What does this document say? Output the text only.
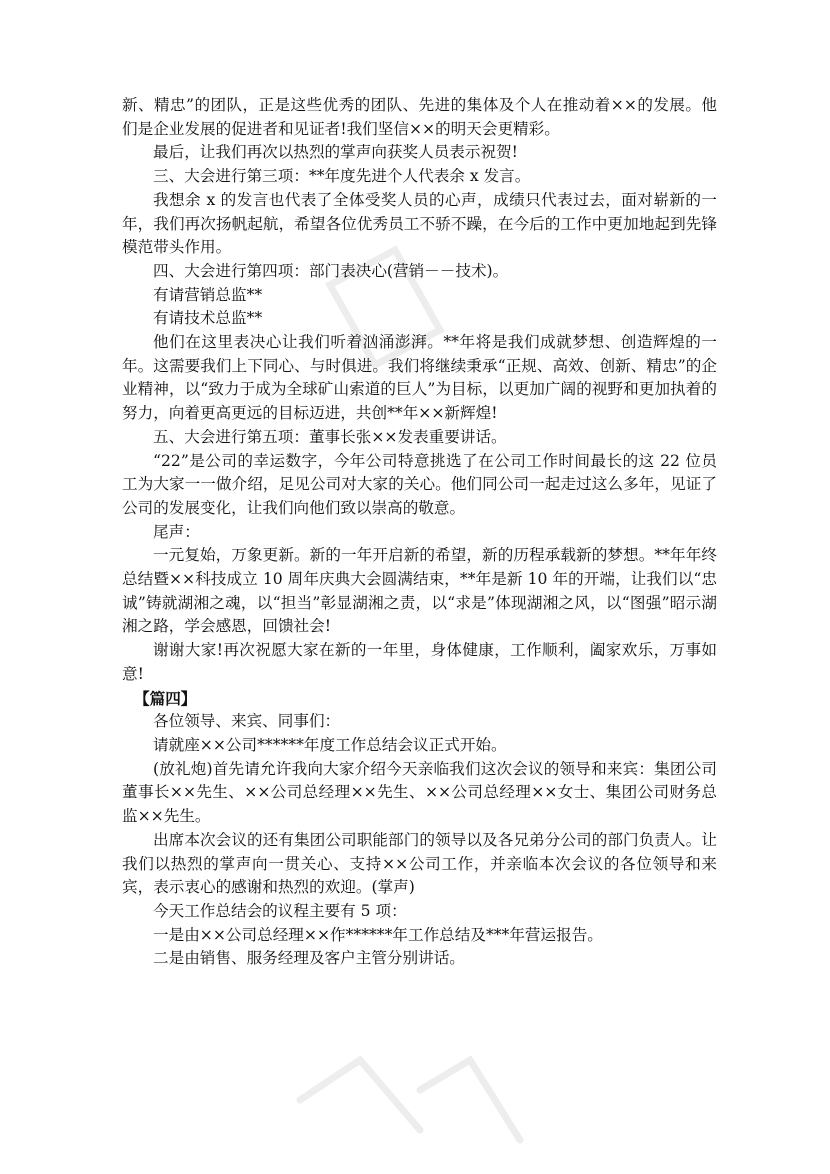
新、精忠”的团队，正是这些优秀的团队、先进的集体及个人在推动着××的发展。他们是企业发展的促进者和见证者!我们坚信××的明天会更精彩。

最后，让我们再次以热烈的掌声向获奖人员表示祝贺!

三、大会进行第三项：**年度先进个人代表余 x 发言。

我想余 x 的发言也代表了全体受奖人员的心声，成绩只代表过去，面对崭新的一年，我们再次扬帆起航，希望各位优秀员工不骄不躁，在今后的工作中更加地起到先锋模范带头作用。

四、大会进行第四项：部门表决心(营销－－技术)。

有请营销总监**

有请技术总监**

他们在这里表决心让我们听着汹涌澎湃。**年将是我们成就梦想、创造辉煌的一年。这需要我们上下同心、与时俱进。我们将继续秉承“正规、高效、创新、精忠”的企业精神，以“致力于成为全球矿山索道的巨人”为目标，以更加广阔的视野和更加执着的努力，向着更高更远的目标迈进，共创**年××新辉煌!

五、大会进行第五项：董事长张××发表重要讲话。

“22”是公司的幸运数字，今年公司特意挑选了在公司工作时间最长的这 22 位员工为大家一一做介绍，足见公司对大家的关心。他们同公司一起走过这么多年，见证了公司的发展变化，让我们向他们致以崇高的敬意。

尾声：

一元复始，万象更新。新的一年开启新的希望，新的历程承载新的梦想。**年年终总结暨××科技成立 10 周年庆典大会圆满结束，**年是新 10 年的开端，让我们以“忠诚”铸就湖湘之魂，以“担当”彰显湖湘之责，以“求是”体现湖湘之风，以“图强”昭示湖湘之路，学会感恩，回馈社会!

谢谢大家!再次祝愿大家在新的一年里，身体健康，工作顺利，阖家欢乐，万事如意!

【篇四】

各位领导、来宾、同事们：

请就座××公司******年度工作总结会议正式开始。

(放礼炮)首先请允许我向大家介绍今天亲临我们这次会议的领导和来宾：集团公司董事长××先生、××公司总经理××先生、××公司总经理××女士、集团公司财务总监××先生。

出席本次会议的还有集团公司职能部门的领导以及各兄弟分公司的部门负责人。让我们以热烈的掌声向一贯关心、支持××公司工作，并亲临本次会议的各位领导和来宾，表示衷心的感谢和热烈的欢迎。(掌声)

今天工作总结会的议程主要有 5 项：

一是由××公司总经理××作******年工作总结及***年营运报告。

二是由销售、服务经理及客户主管分别讲话。
